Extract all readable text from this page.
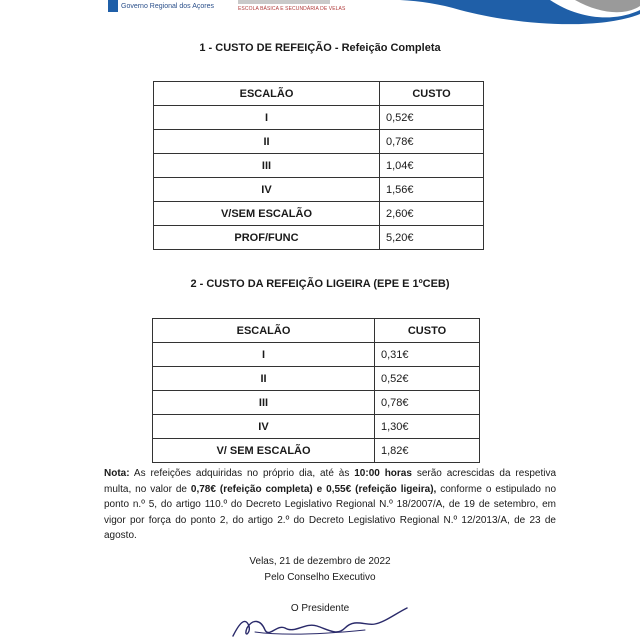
Governo Regional dos Açores	ESCOLA BÁSICA E SECUNDÁRIA DE VELAS
1 - CUSTO DE REFEIÇÃO - Refeição Completa
ESCALÃO	CUSTO
I	0,52€
II	0,78€
III	1,04€
IV	1,56€
V/SEM ESCALÃO	2,60€
PROF/FUNC	5,20€
2 - CUSTO DA REFEIÇÃO LIGEIRA (EPE E 1ºCEB)
ESCALÃO	CUSTO
I	0,31€
II	0,52€
III	0,78€
IV	1,30€
V/ SEM ESCALÃO	1,82€
Nota: As refeições adquiridas no próprio dia, até às 10:00 horas serão acrescidas da respetiva multa, no valor de 0,78€ (refeição completa) e 0,55€ (refeição ligeira), conforme o estipulado no ponto n.º 5, do artigo 110.º do Decreto Legislativo Regional N.º 18/2007/A, de 19 de setembro, em vigor por força do ponto 2, do artigo 2.º do Decreto Legislativo Regional N.º 12/2013/A, de 23 de agosto.
Velas, 21 de dezembro de 2022
Pelo Conselho Executivo
O Presidente
